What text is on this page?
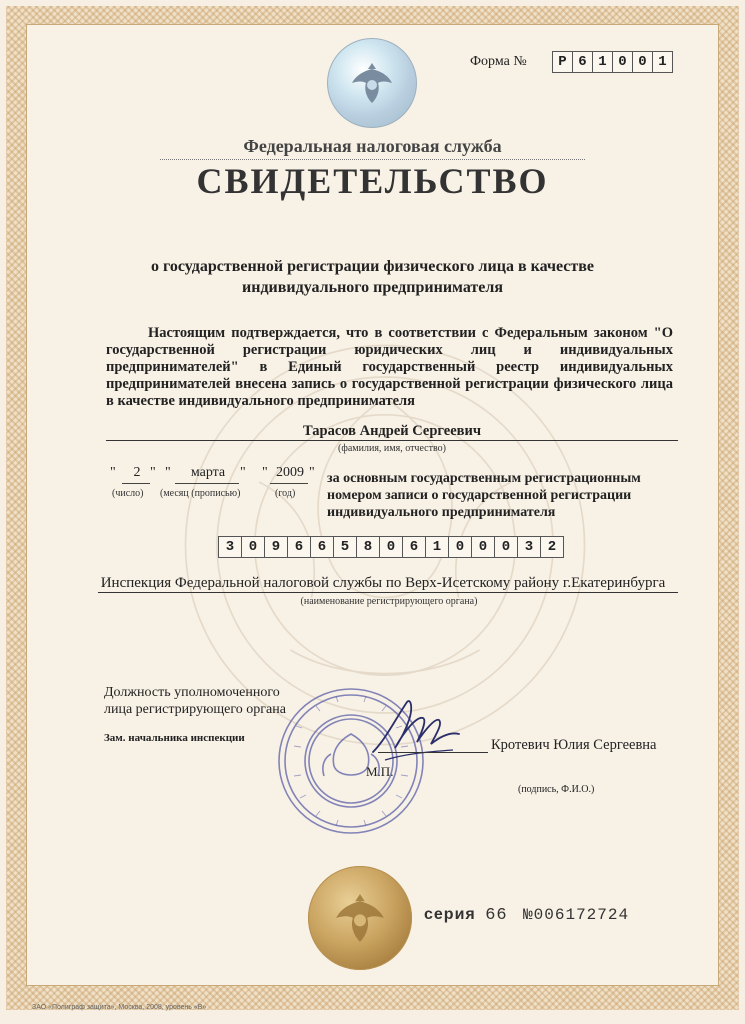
Форма №	Р 6 1 0 0 1
Федеральная налоговая служба
СВИДЕТЕЛЬСТВО
о государственной регистрации физического лица в качестве
индивидуального предпринимателя
Настоящим подтверждается, что в соответствии с Федеральным законом "О государственной регистрации юридических лиц и индивидуальных предпринимателей" в Единый государственный реестр индивидуальных предпринимателей внесена запись о государственной регистрации физического лица в качестве индивидуального предпринимателя
Тарасов Андрей Сергеевич
(фамилия, имя, отчество)
"	2 "
(число)
"	марта	"
(месяц (прописью)
" 2009 "
(год)
за основным государственным регистрационным номером записи о государственной регистрации индивидуального предпринимателя
3	0	9	6	6	5	8	0	6	1	0	0	0	3	2
Инспекция Федеральной налоговой службы по Верх-Исетскому району г.Екатеринбурга
(наименование регистрирующего органа)
Должность уполномоченного
лица регистрирующего органа
Зам. начальника инспекции	Кротевич Юлия Сергеевна
М.П.
(подпись, Ф.И.О.)
серия 66 №006172724
ЗАО «Полиграф защита», Москва, 2008, уровень «В»
